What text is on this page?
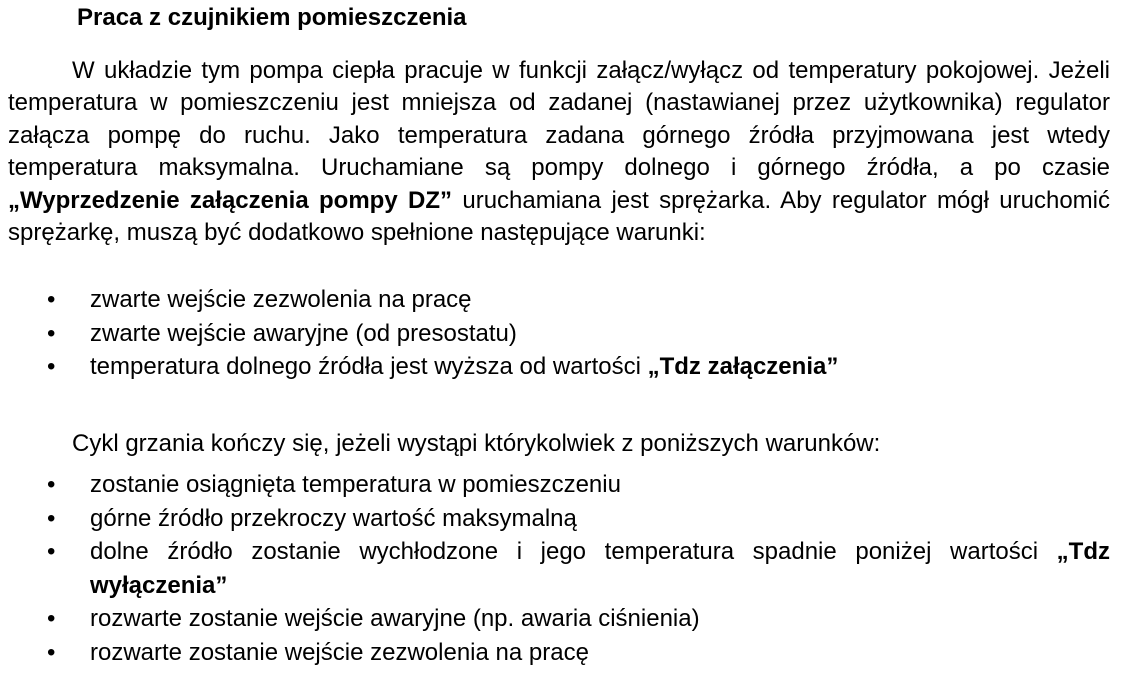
Praca z czujnikiem pomieszczenia

W układzie tym pompa ciepła pracuje w funkcji załącz/wyłącz od temperatury pokojowej. Jeżeli temperatura w pomieszczeniu jest mniejsza od zadanej (nastawianej przez użytkownika) regulator załącza pompę do ruchu. Jako temperatura zadana górnego źródła przyjmowana jest wtedy temperatura maksymalna. Uruchamiane są pompy dolnego i górnego źródła, a po czasie „Wyprzedzenie załączenia pompy DZ” uruchamiana jest sprężarka. Aby regulator mógł uruchomić sprężarkę, muszą być dodatkowo spełnione następujące warunki:

• zwarte wejście zezwolenia na pracę
• zwarte wejście awaryjne (od presostatu)
• temperatura dolnego źródła jest wyższa od wartości „Tdz załączenia”

Cykl grzania kończy się, jeżeli wystąpi którykolwiek z poniższych warunków:

• zostanie osiągnięta temperatura w pomieszczeniu
• górne źródło przekroczy wartość maksymalną
• dolne źródło zostanie wychłodzone i jego temperatura spadnie poniżej wartości „Tdz wyłączenia”
• rozwarte zostanie wejście awaryjne (np. awaria ciśnienia)
• rozwarte zostanie wejście zezwolenia na pracę
